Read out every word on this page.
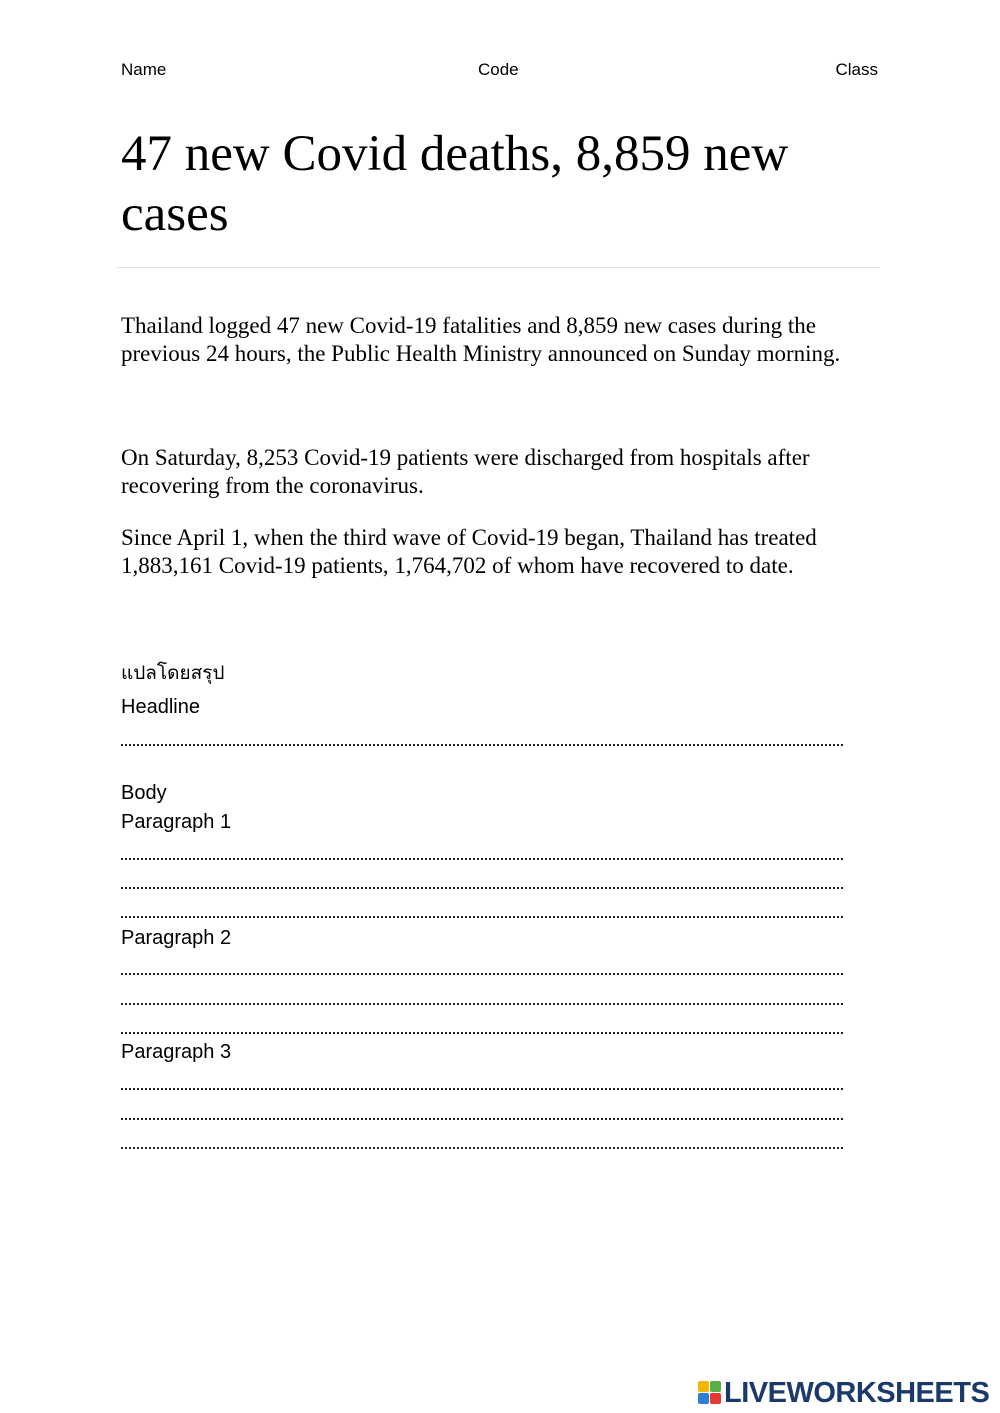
Name	Code	Class
47 new Covid deaths, 8,859 new cases

Thailand logged 47 new Covid-19 fatalities and 8,859 new cases during the previous 24 hours, the Public Health Ministry announced on Sunday morning.

On Saturday, 8,253 Covid-19 patients were discharged from hospitals after recovering from the coronavirus.

Since April 1, when the third wave of Covid-19 began, Thailand has treated 1,883,161 Covid-19 patients, 1,764,702 of whom have recovered to date.

แปลโดยสรุป
Headline
Body
Paragraph 1
Paragraph 2
Paragraph 3
LIVEWORKSHEETS
